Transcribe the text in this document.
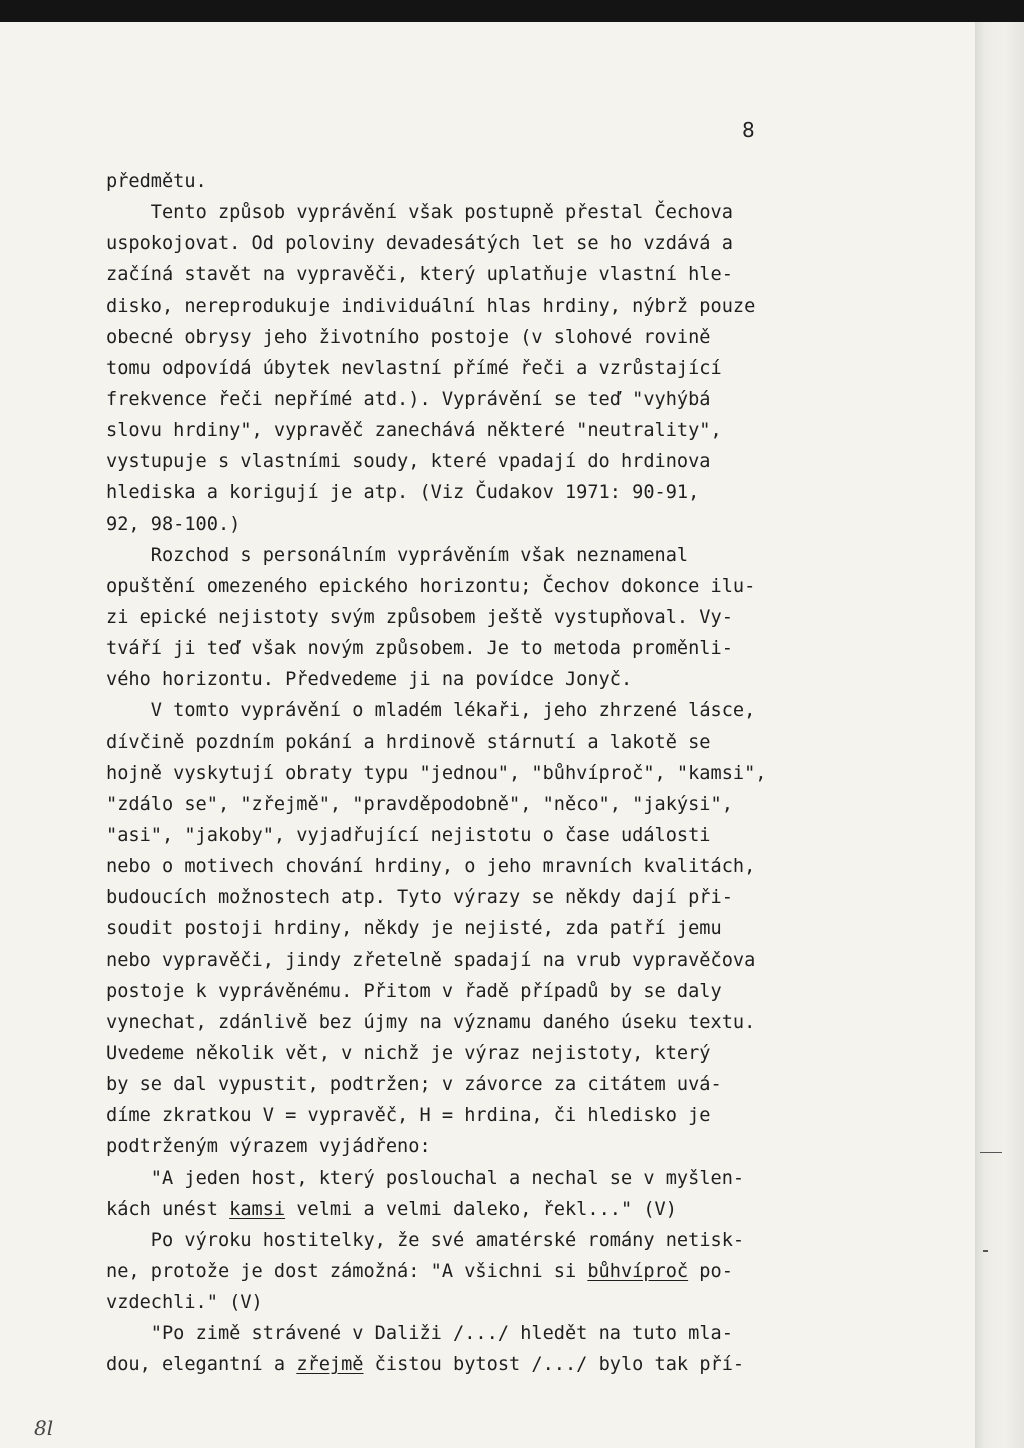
8
předmětu.
Tento způsob vyprávění však postupně přestal Čechova
uspokojovat. Od poloviny devadesátých let se ho vzdává a
začíná stavět na vypravěči, který uplatňuje vlastní hle-
disko, nereprodukuje individuální hlas hrdiny, nýbrž pouze
obecné obrysy jeho životního postoje (v slohové rovině
tomu odpovídá úbytek nevlastní přímé řeči a vzrůstající
frekvence řeči nepřímé atd.). Vyprávění se teď "vyhýbá
slovu hrdiny", vypravěč zanechává některé "neutrality",
vystupuje s vlastními soudy, které vpadají do hrdinova
hlediska a korigují je atp. (Viz Čudakov 1971: 90-91,
92, 98-100.)
Rozchod s personálním vyprávěním však neznamenal
opuštění omezeného epického horizontu; Čechov dokonce ilu-
zi epické nejistoty svým způsobem ještě vystupňoval. Vy-
tváří ji teď však novým způsobem. Je to metoda proměnli-
vého horizontu. Předvedeme ji na povídce Jonyč.
V tomto vyprávění o mladém lékaři, jeho zhrzené lásce,
dívčině pozdním pokání a hrdinově stárnutí a lakotě se
hojně vyskytují obraty typu "jednou", "bůhvíproč", "kamsi",
"zdálo se", "zřejmě", "pravděpodobně", "něco", "jakýsi",
"asi", "jakoby", vyjadřující nejistotu o čase události
nebo o motivech chování hrdiny, o jeho mravních kvalitách,
budoucích možnostech atp. Tyto výrazy se někdy dají při-
soudit postoji hrdiny, někdy je nejisté, zda patří jemu
nebo vypravěči, jindy zřetelně spadají na vrub vypravěčova
postoje k vyprávěnému. Přitom v řadě případů by se daly
vynechat, zdánlivě bez újmy na významu daného úseku textu.
Uvedeme několik vět, v nichž je výraz nejistoty, který
by se dal vypustit, podtržen; v závorce za citátem uvá-
díme zkratkou V = vypravěč, H = hrdina, či hledisko je
podtrženým výrazem vyjádřeno:
"A jeden host, který poslouchal a nechal se v myšlen-
kách unést kamsi velmi a velmi daleko, řekl..." (V)
Po výroku hostitelky, že své amatérské romány netisk-
ne, protože je dost zámožná: "A všichni si bůhvíproč po-
vzdechli." (V)
"Po zimě strávené v Dalіži /.../ hledět na tuto mla-
dou, elegantní a zřejmě čistou bytost /.../ bylo tak pří-
8l
